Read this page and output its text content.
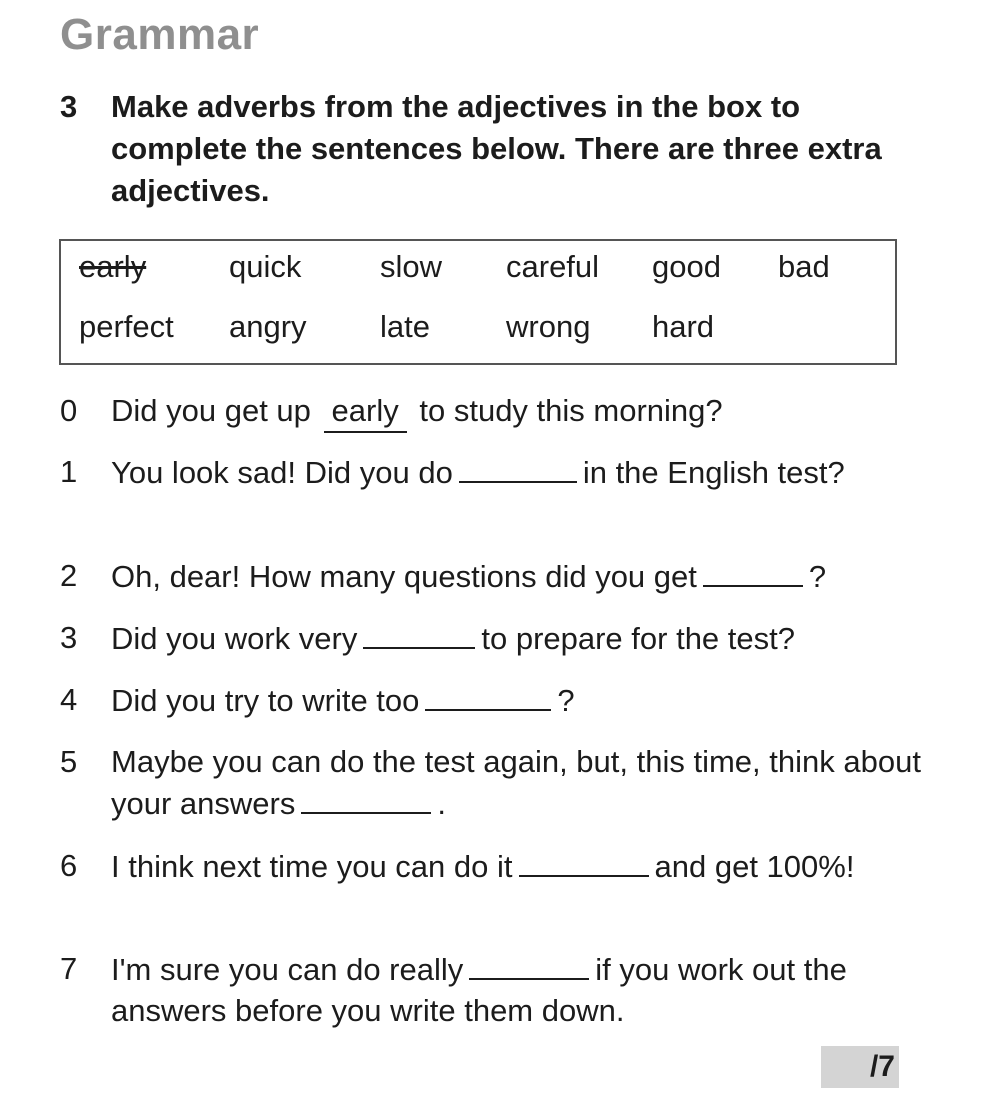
Grammar
3 Make adverbs from the adjectives in the box to complete the sentences below. There are three extra adjectives.
early	quick	slow careful good bad
perfect angry late wrong hard
0 Did you get up early to study this morning?
1 You look sad! Did you do	in the English test?
2 Oh, dear! How many questions did you get	?
3 Did you work very	to prepare for the test?
4 Did you try to write too	?
5 Maybe you can do the test again, but, this time, think about your answers	.
6 I think next time you can do it	and get 100%!
7 I'm sure you can do really	if you work out the answers before you write them down.
/7
